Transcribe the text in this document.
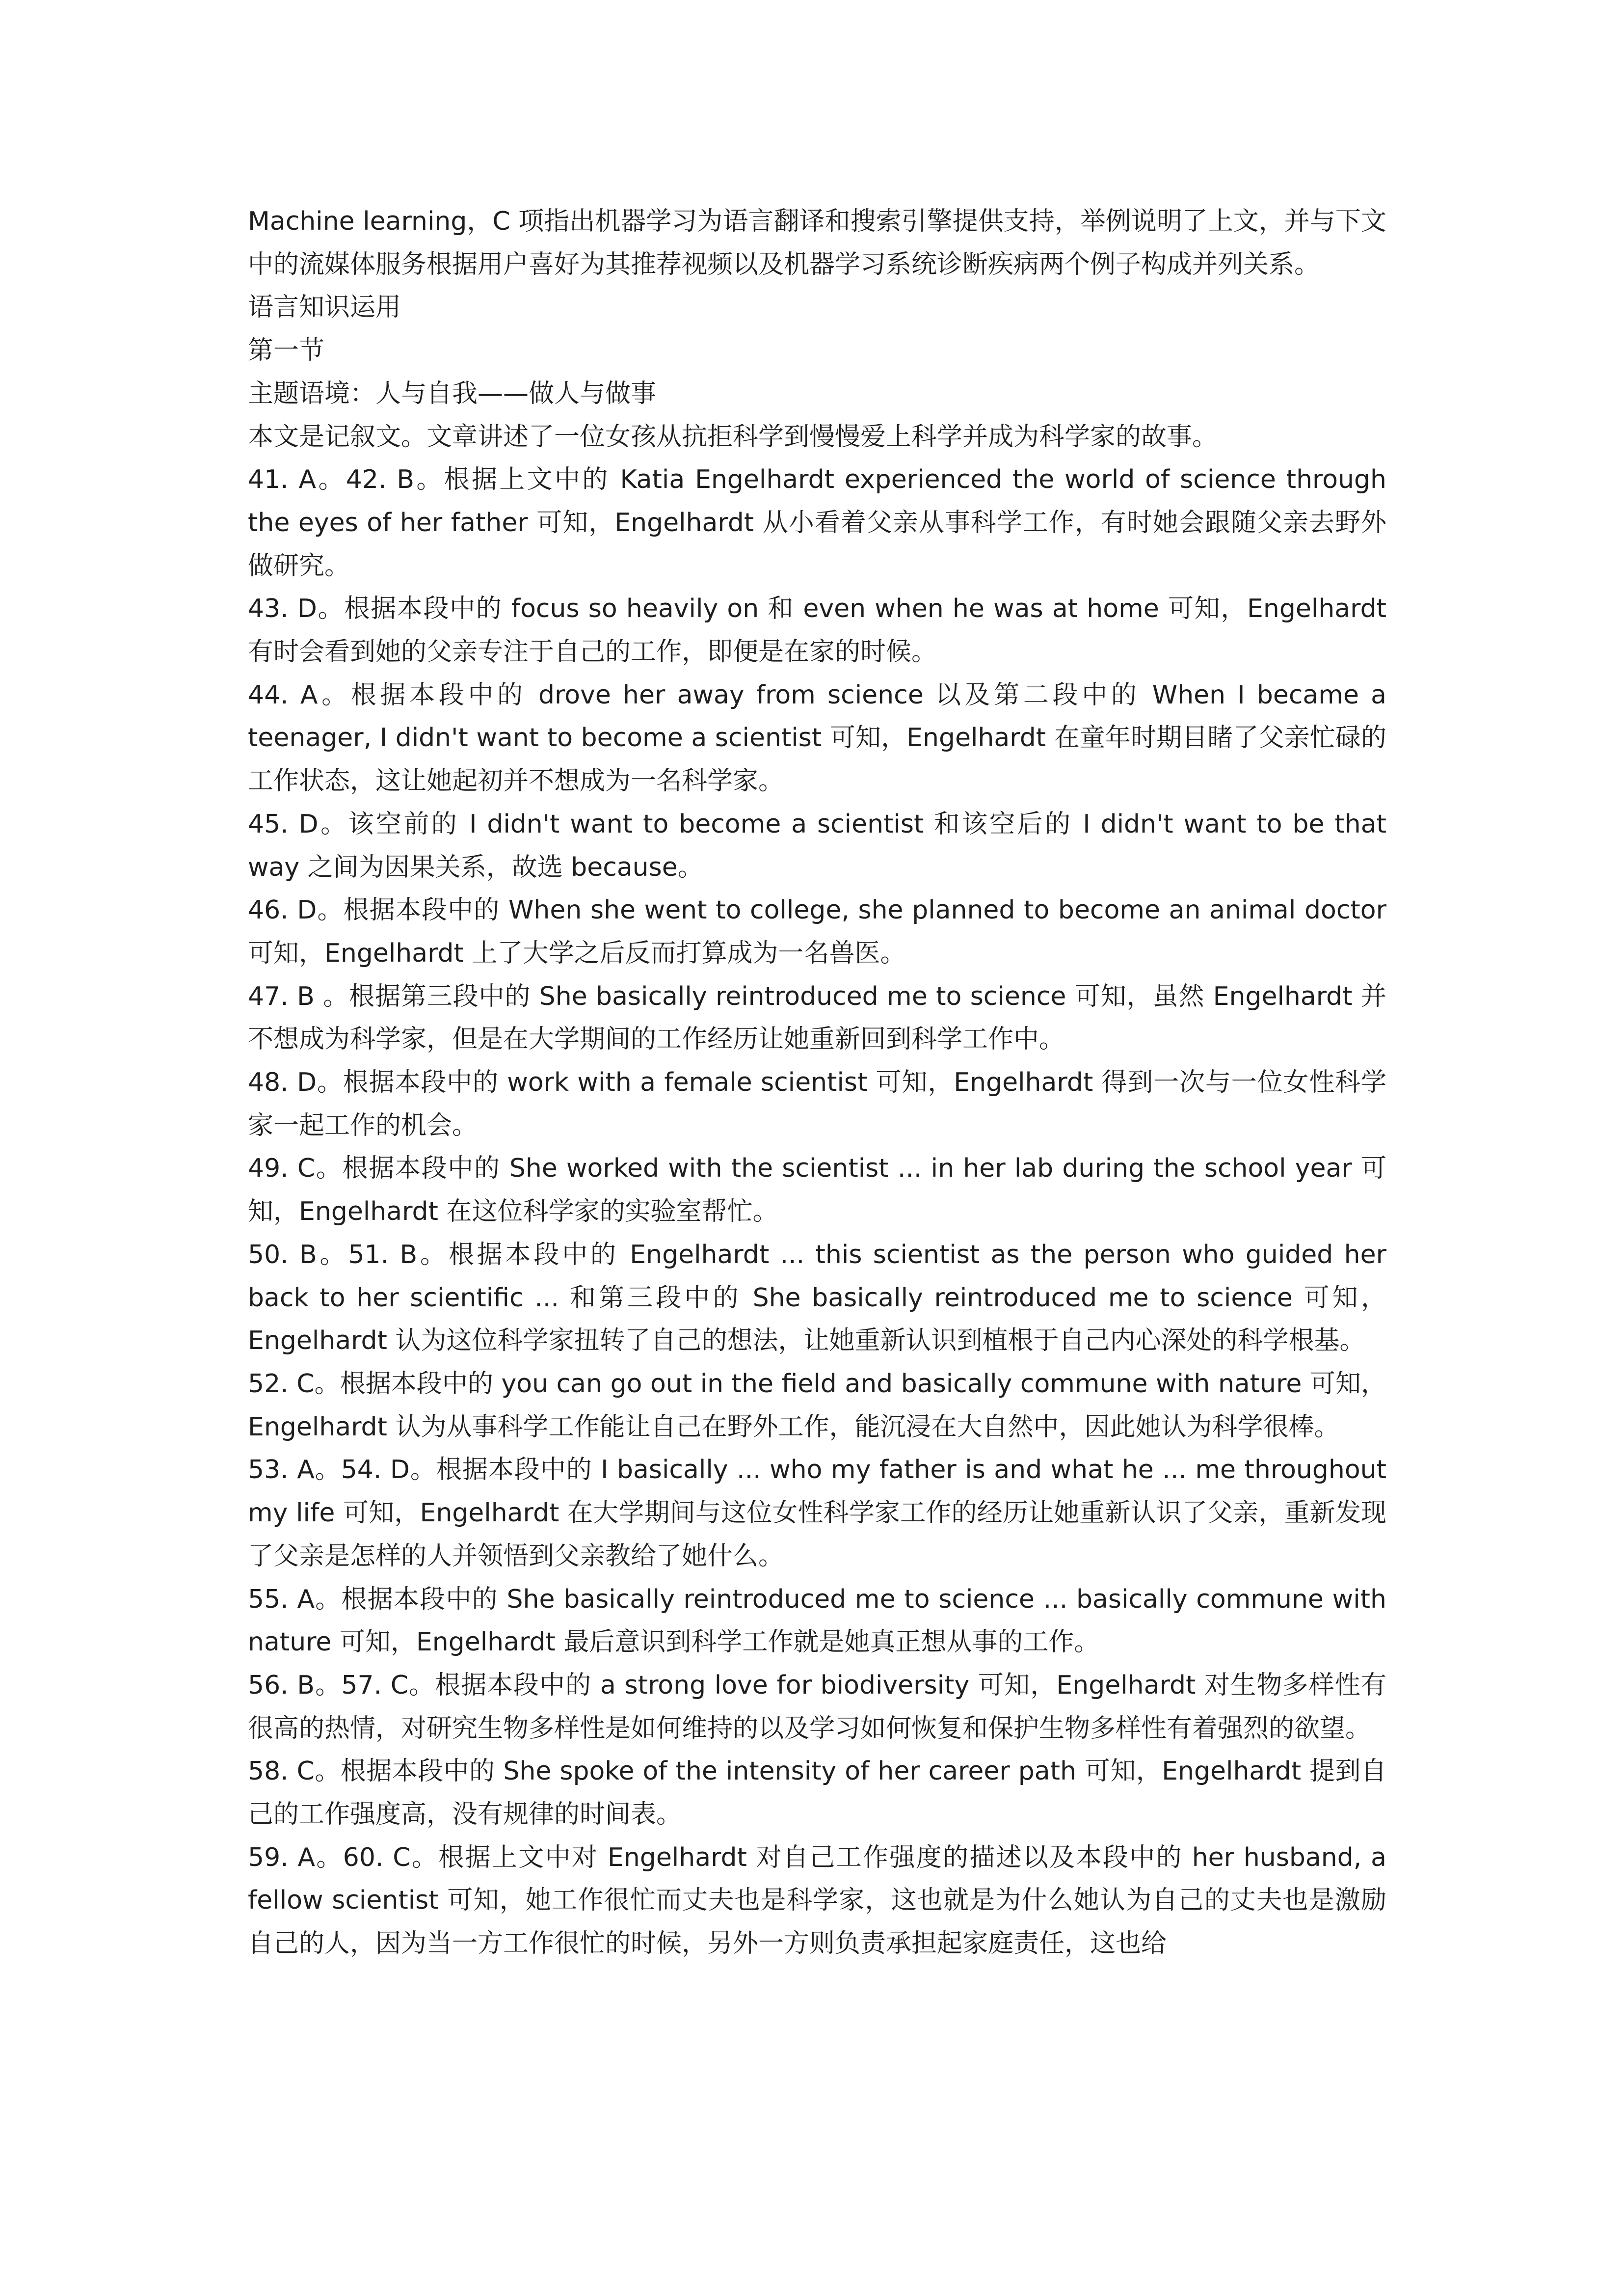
Machine learning，C 项指出机器学习为语言翻译和搜索引擎提供支持，举例说明了上文，并与下文中的流媒体服务根据用户喜好为其推荐视频以及机器学习系统诊断疾病两个例子构成并列关系。

语言知识运用

第一节

主题语境：人与自我——做人与做事

本文是记叙文。文章讲述了一位女孩从抗拒科学到慢慢爱上科学并成为科学家的故事。

41. A。42. B。根据上文中的 Katia Engelhardt experienced the world of science through the eyes of her father 可知，Engelhardt 从小看着父亲从事科学工作，有时她会跟随父亲去野外做研究。

43. D。根据本段中的 focus so heavily on 和 even when he was at home 可知，Engelhardt 有时会看到她的父亲专注于自己的工作，即便是在家的时候。

44. A。根据本段中的 drove her away from science 以及第二段中的 When I became a teenager, I didn't want to become a scientist 可知，Engelhardt 在童年时期目睹了父亲忙碌的工作状态，这让她起初并不想成为一名科学家。

45. D。该空前的 I didn't want to become a scientist 和该空后的 I didn't want to be that way 之间为因果关系，故选 because。

46. D。根据本段中的 When she went to college, she planned to become an animal doctor 可知，Engelhardt 上了大学之后反而打算成为一名兽医。

47. B 。根据第三段中的 She basically reintroduced me to science 可知，虽然 Engelhardt 并不想成为科学家，但是在大学期间的工作经历让她重新回到科学工作中。

48. D。根据本段中的 work with a female scientist 可知，Engelhardt 得到一次与一位女性科学家一起工作的机会。

49. C。根据本段中的 She worked with the scientist ... in her lab during the school year 可知，Engelhardt 在这位科学家的实验室帮忙。

50. B。51. B。根据本段中的 Engelhardt ... this scientist as the person who guided her back to her scientific ... 和第三段中的 She basically reintroduced me to science 可知，Engelhardt 认为这位科学家扭转了自己的想法，让她重新认识到植根于自己内心深处的科学根基。

52. C。根据本段中的 you can go out in the field and basically commune with nature 可知，Engelhardt 认为从事科学工作能让自己在野外工作，能沉浸在大自然中，因此她认为科学很棒。

53. A。54. D。根据本段中的 I basically ... who my father is and what he ... me throughout my life 可知，Engelhardt 在大学期间与这位女性科学家工作的经历让她重新认识了父亲，重新发现了父亲是怎样的人并领悟到父亲教给了她什么。

55. A。根据本段中的 She basically reintroduced me to science ... basically commune with nature 可知，Engelhardt 最后意识到科学工作就是她真正想从事的工作。

56. B。57. C。根据本段中的 a strong love for biodiversity 可知，Engelhardt 对生物多样性有很高的热情，对研究生物多样性是如何维持的以及学习如何恢复和保护生物多样性有着强烈的欲望。

58. C。根据本段中的 She spoke of the intensity of her career path 可知，Engelhardt 提到自己的工作强度高，没有规律的时间表。

59. A。60. C。根据上文中对 Engelhardt 对自己工作强度的描述以及本段中的 her husband, a fellow scientist 可知，她工作很忙而丈夫也是科学家，这也就是为什么她认为自己的丈夫也是激励自己的人，因为当一方工作很忙的时候，另外一方则负责承担起家庭责任，这也给
